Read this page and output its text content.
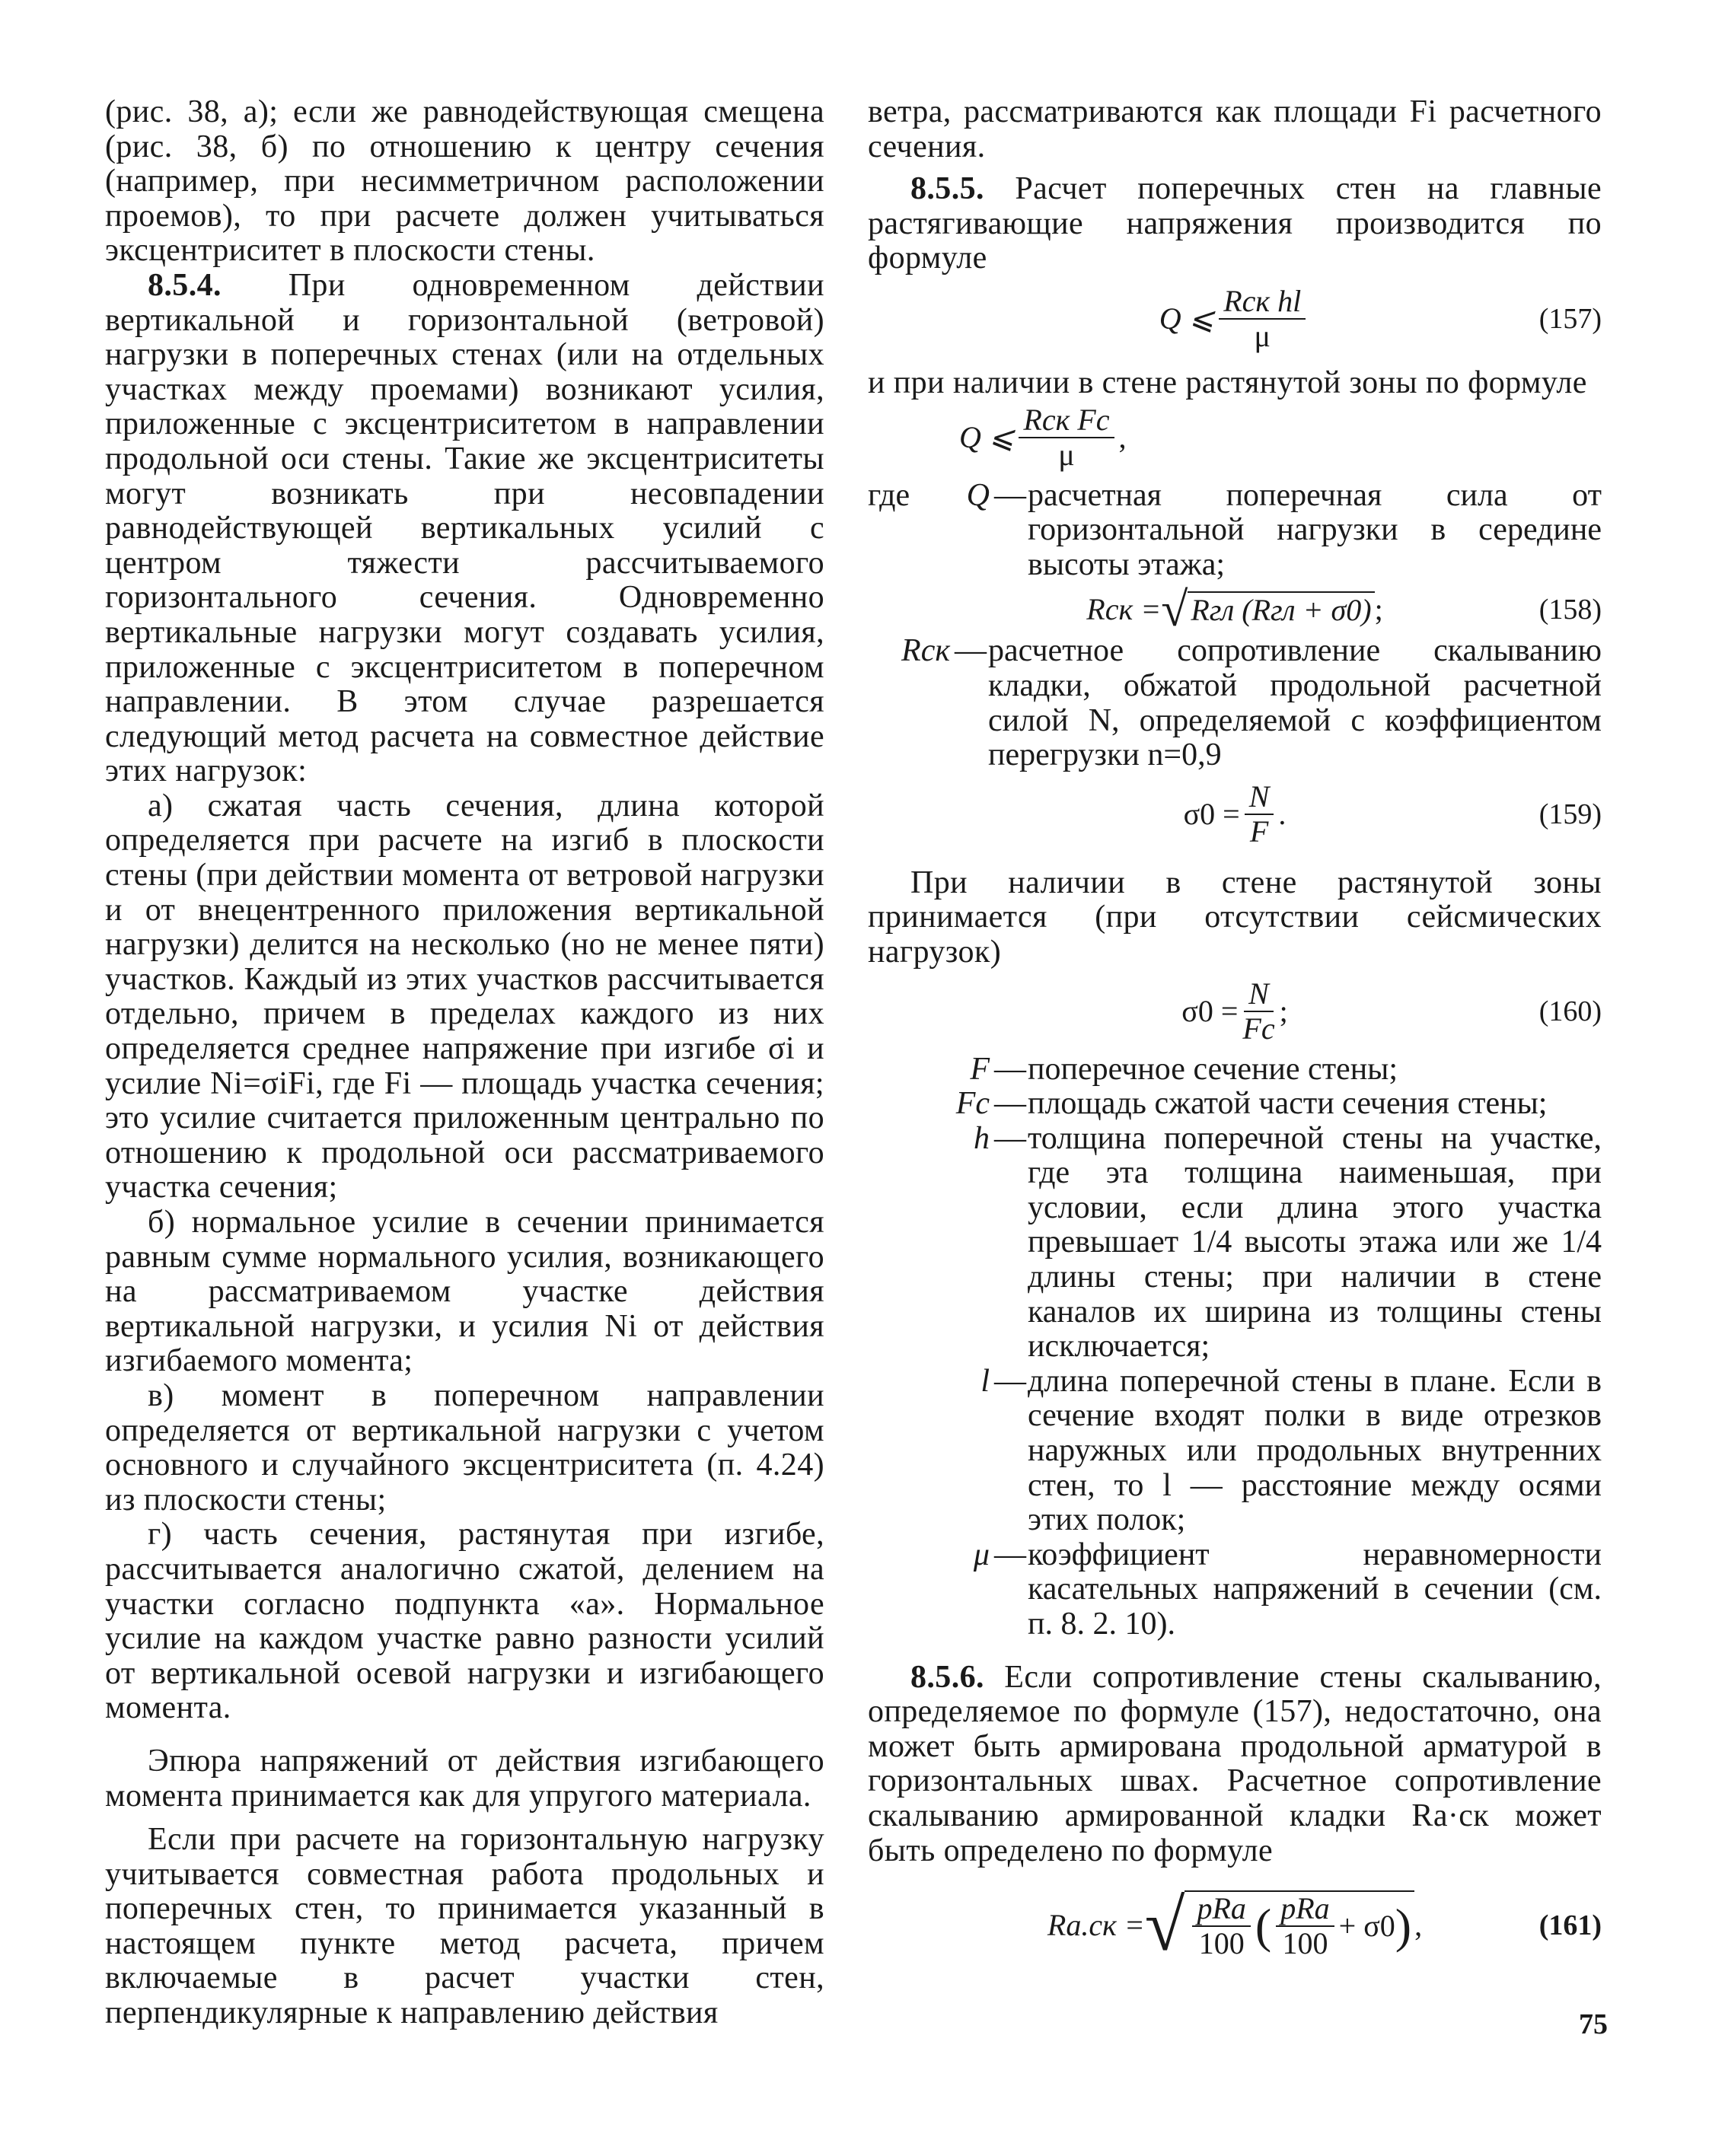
(рис. 38, а); если же равнодействующая смещена (рис. 38, б) по отношению к центру сечения (например, при несимметричном расположении проемов), то при расчете должен учитываться эксцентриситет в плоскости стены.

8.5.4. При одновременном действии вертикальной и горизонтальной (ветровой) нагрузки в поперечных стенах (или на отдельных участках между проемами) возникают усилия, приложенные с эксцентриситетом в направлении продольной оси стены. Такие же эксцентриситеты могут возникать при несовпадении равнодействующей вертикальных усилий с центром тяжести рассчитываемого горизонтального сечения. Одновременно вертикальные нагрузки могут создавать усилия, приложенные с эксцентриситетом в поперечном направлении. В этом случае разрешается следующий метод расчета на совместное действие этих нагрузок:

а) сжатая часть сечения, длина которой определяется при расчете на изгиб в плоскости стены (при действии момента от ветровой нагрузки и от внецентренного приложения вертикальной нагрузки) делится на несколько (но не менее пяти) участков. Каждый из этих участков рассчитывается отдельно, причем в пределах каждого из них определяется среднее напряжение при изгибе σi и усилие Ni=σiFi, где Fi — площадь участка сечения; это усилие считается приложенным центрально по отношению к продольной оси рассматриваемого участка сечения;

б) нормальное усилие в сечении принимается равным сумме нормального усилия, возникающего на рассматриваемом участке действия вертикальной нагрузки, и усилия Ni от действия изгибаемого момента;

в) момент в поперечном направлении определяется от вертикальной нагрузки с учетом основного и случайного эксцентриситета (п. 4.24) из плоскости стены;

г) часть сечения, растянутая при изгибе, рассчитывается аналогично сжатой, делением на участки согласно подпункта «а». Нормальное усилие на каждом участке равно разности усилий от вертикальной осевой нагрузки и изгибающего момента.

Эпюра напряжений от действия изгибающего момента принимается как для упругого материала.

Если при расчете на горизонтальную нагрузку учитывается совместная работа продольных и поперечных стен, то принимается указанный в настоящем пункте метод расчета, причем включаемые в расчет участки стен, перпендикулярные к направлению действия

ветра, рассматриваются как площади Fi расчетного сечения.

8.5.5. Расчет поперечных стен на главные растягивающие напряжения производится по формуле

Q ⩽ $\frac{\text{Rск hl}}{\mu}$	(157)

и при наличии в стене растянутой зоны по формуле

Q ⩽ $\frac{\text{Rск Fс}}{\mu}$ ,
где	Q — расчетная поперечная сила от горизонтальной нагрузки в середине высоты этажа;
Rск = √ Rгл (Rгл + σ0) ;	(158)
Rск — расчетное сопротивление скалыванию кладки, обжатой продольной расчетной силой N, определяемой с коэффициентом перегрузки n=0,9
$\sigma 0 = \frac{N}{F}$ .	(159)

При наличии в стене растянутой зоны принимается (при отсутствии сейсмических нагрузок)

$\sigma 0 = \frac{N}{Fс}$ ;	(160)
F — поперечное сечение стены;
Fс — площадь сжатой части сечения стены;
h — толщина поперечной стены на участке, где эта толщина наименьшая, при условии, если длина этого участка превышает 1/4 высоты этажа или же 1/4 длины стены; при наличии в стене каналов их ширина из толщины стены исключается;
l — длина поперечной стены в плане. Если в сечение входят полки в виде отрезков наружных или продольных внутренних стен, то l — расстояние между осями этих полок;
μ — коэффициент неравномерности касательных напряжений в сечении (см. п. 8. 2. 10).

8.5.6. Если сопротивление стены скалыванию, определяемое по формуле (157), недостаточно, она может быть армирована продольной арматурой в горизонтальных швах. Расчетное сопротивление скалыванию армированной кладки Rа·ск может быть определено по формуле

Rа.ск = √ $\frac{\text{pRа}}{100}$ ( $\frac{\text{pRа}}{100} + \sigma 0$ ) ,	(161)
75
